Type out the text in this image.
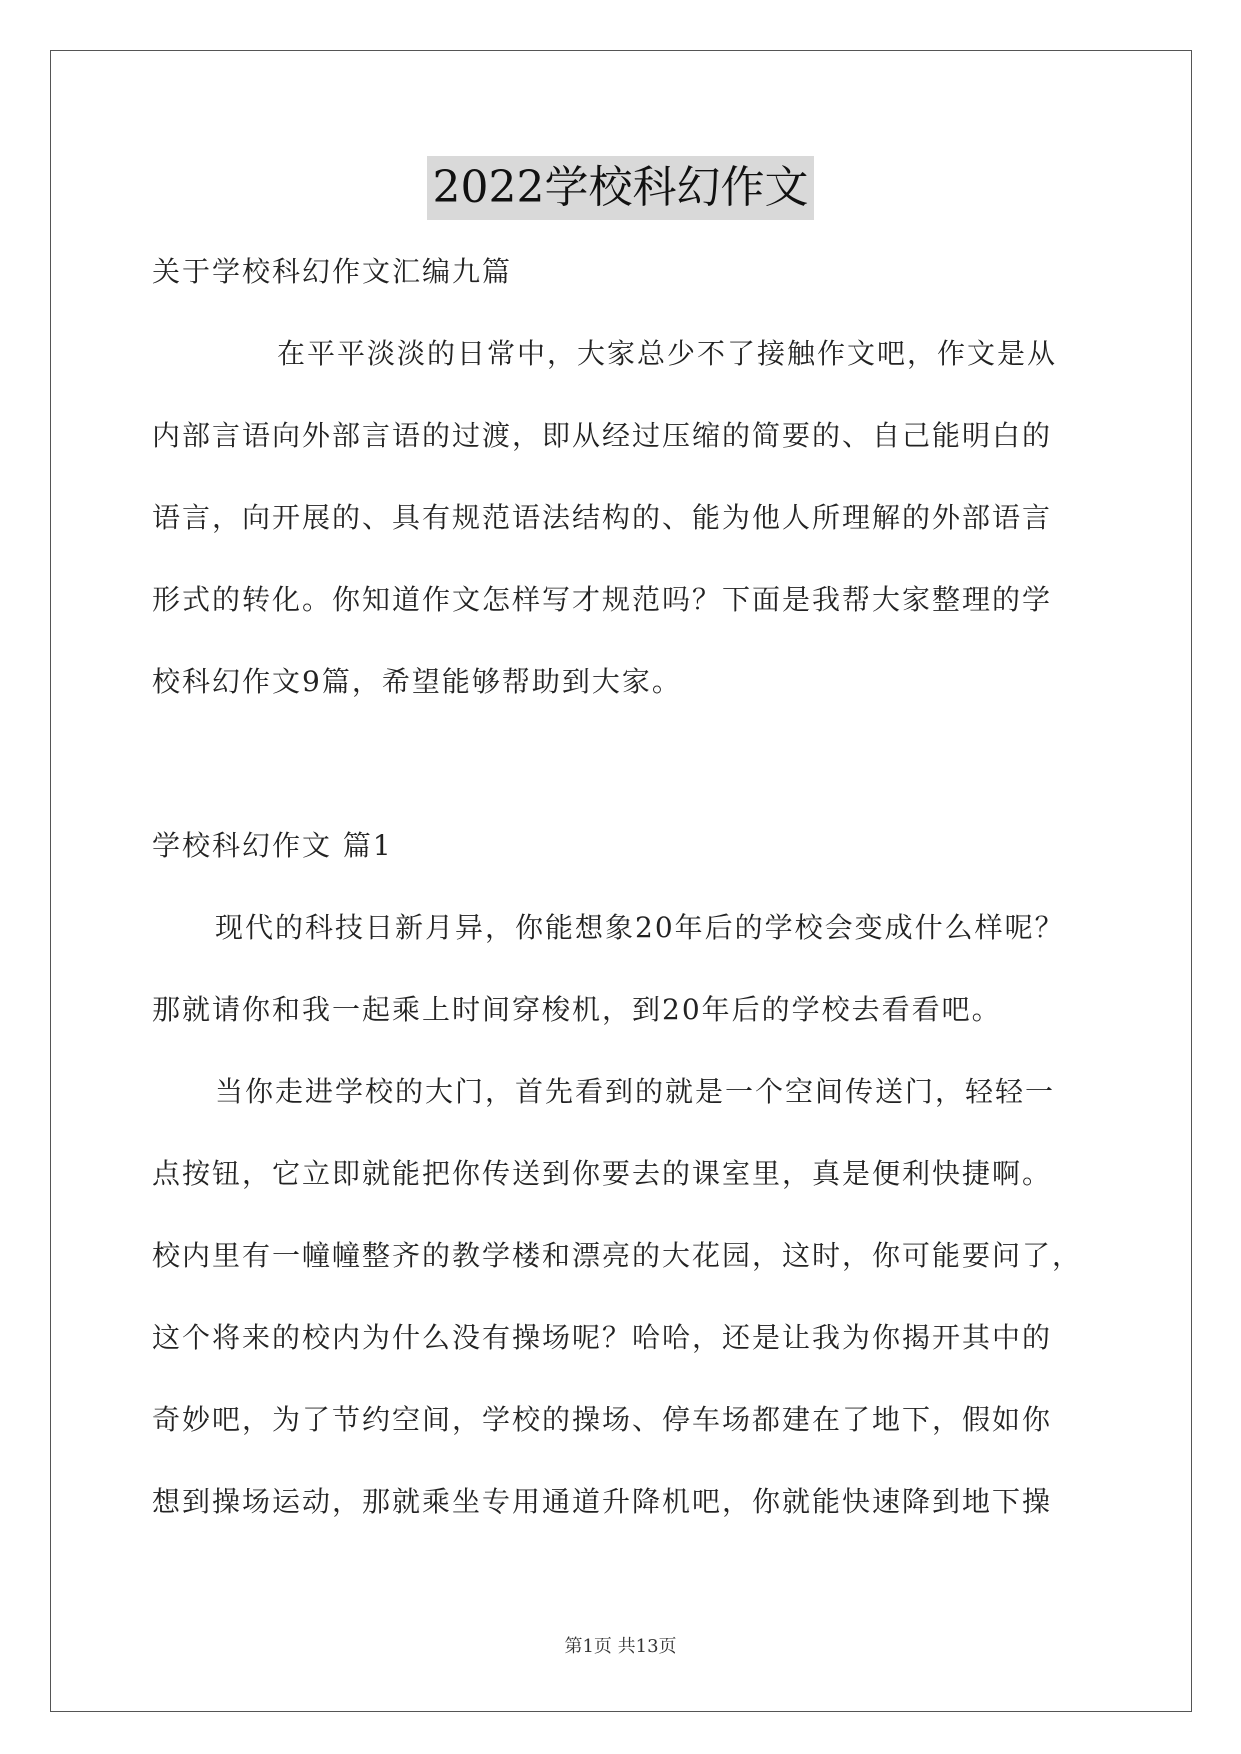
2022学校科幻作文
关于学校科幻作文汇编九篇
在平平淡淡的日常中，大家总少不了接触作文吧，作文是从
内部言语向外部言语的过渡，即从经过压缩的简要的、自己能明白的
语言，向开展的、具有规范语法结构的、能为他人所理解的外部语言
形式的转化。你知道作文怎样写才规范吗？下面是我帮大家整理的学
校科幻作文9篇，希望能够帮助到大家。
学校科幻作文 篇1
现代的科技日新月异，你能想象20年后的学校会变成什么样呢？
那就请你和我一起乘上时间穿梭机，到20年后的学校去看看吧。
当你走进学校的大门，首先看到的就是一个空间传送门，轻轻一
点按钮，它立即就能把你传送到你要去的课室里，真是便利快捷啊。
校内里有一幢幢整齐的教学楼和漂亮的大花园，这时，你可能要问了，
这个将来的校内为什么没有操场呢？哈哈，还是让我为你揭开其中的
奇妙吧，为了节约空间，学校的操场、停车场都建在了地下，假如你
想到操场运动，那就乘坐专用通道升降机吧，你就能快速降到地下操
第1页 共13页
